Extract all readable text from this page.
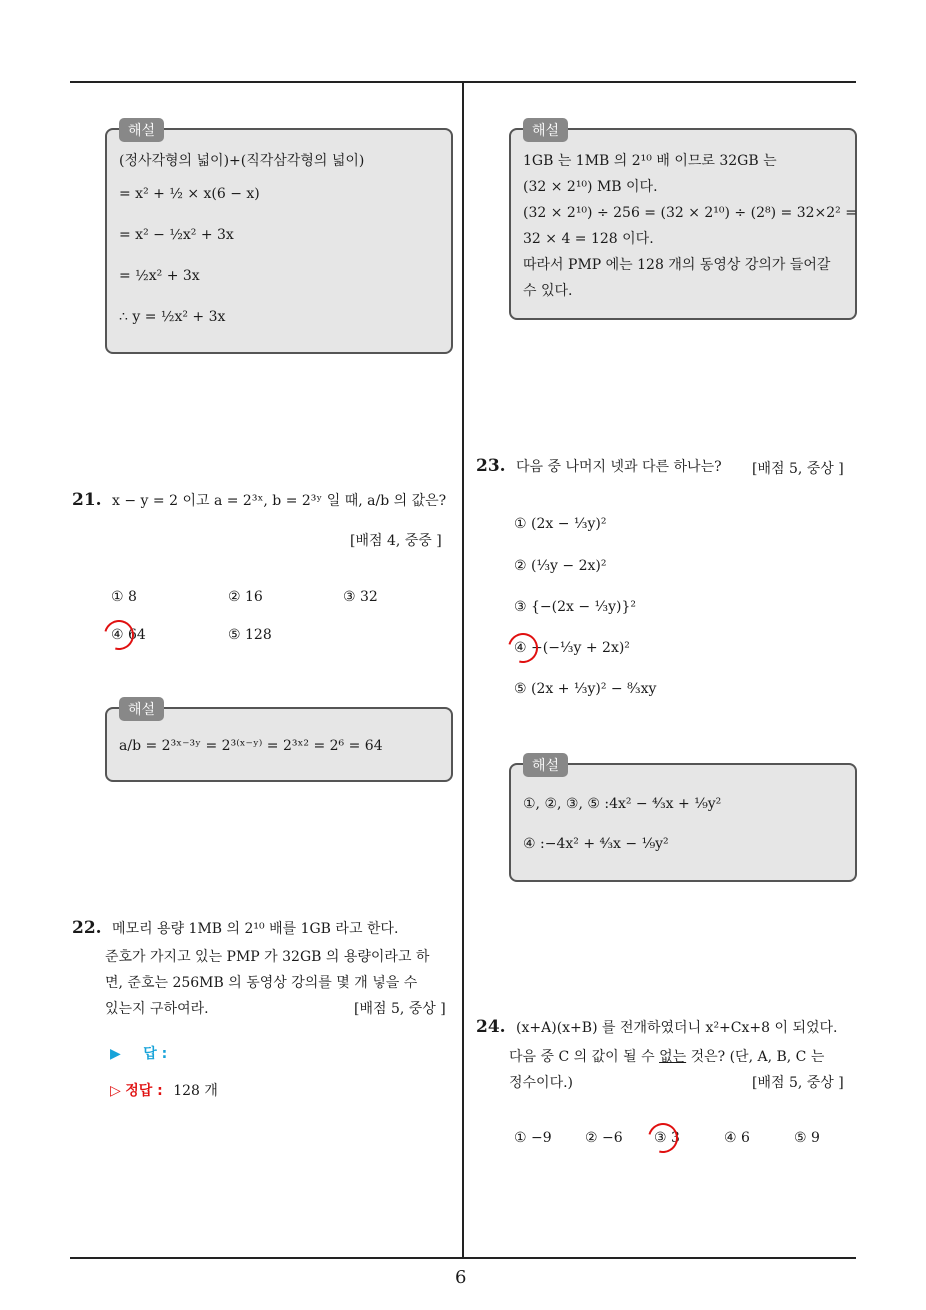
6
해설
(정사각형의 넓이)+(직각삼각형의 넓이)
= x² + ½ × x(6 − x)
= x² − ½x² + 3x
= ½x² + 3x
∴ y = ½x² + 3x
21. x − y = 2 이고 a = 2³ˣ, b = 2³ʸ 일 때, a/b 의 값은?
[배점 4, 중중 ]
① 8	② 16	③ 32
④ 64	⑤ 128
해설
a/b = 2³ˣ⁻³ʸ = 2³⁽ˣ⁻ʸ⁾ = 2³ˣ² = 2⁶ = 64
22. 메모리 용량 1MB 의 2¹⁰ 배를 1GB 라고 한다.
준호가 가지고 있는 PMP 가 32GB 의 용량이라고 하
면, 준호는 256MB 의 동영상 강의를 몇 개 넣을 수
있는지 구하여라.	[배점 5, 중상 ]
▶ 답 :
▷ 정답 : 128 개
해설
1GB 는 1MB 의 2¹⁰ 배 이므로 32GB 는
(32 × 2¹⁰) MB 이다.
(32 × 2¹⁰) ÷ 256 = (32 × 2¹⁰) ÷ (2⁸) = 32×2² =
32 × 4 = 128 이다.
따라서 PMP 에는 128 개의 동영상 강의가 들어갈
수 있다.
23. 다음 중 나머지 넷과 다른 하나는? [배점 5, 중상 ]
① (2x − ⅓y)²
② (⅓y − 2x)²
③ {−(2x − ⅓y)}²
④ −(−⅓y + 2x)²
⑤ (2x + ⅓y)² − ⁸⁄₃xy
해설
①, ②, ③, ⑤ :4x² − ⁴⁄₃x + ⅑y²
④ :−4x² + ⁴⁄₃x − ⅑y²
24. (x+A)(x+B) 를 전개하였더니 x²+Cx+8 이 되었다.
다음 중 C 의 값이 될 수 없는 것은? (단, A, B, C 는
정수이다.)	[배점 5, 중상 ]
① −9 ② −6 ③ 3	④ 6	⑤ 9
